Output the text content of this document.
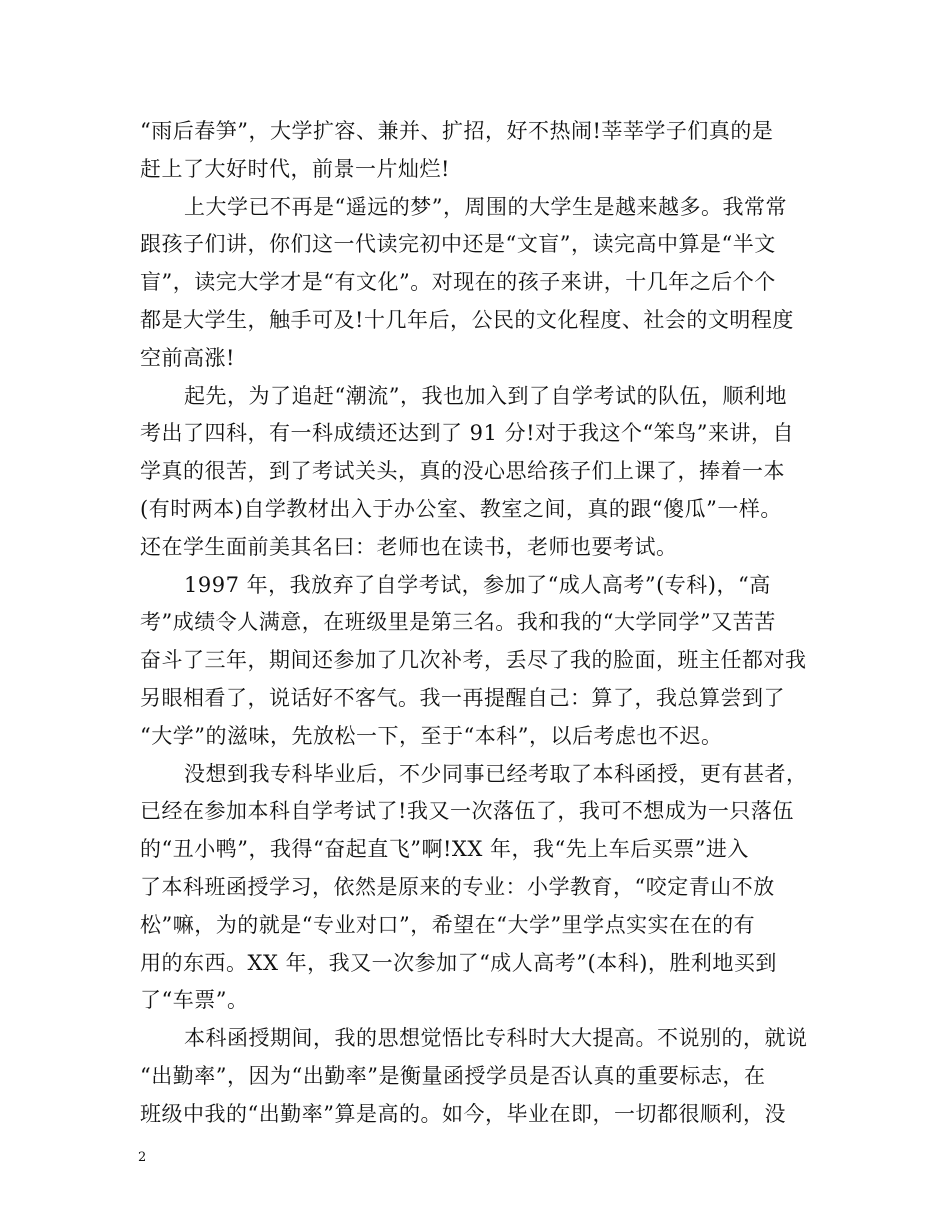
“雨后春笋”，大学扩容、兼并、扩招，好不热闹!莘莘学子们真的是
赶上了大好时代，前景一片灿烂!
上大学已不再是“遥远的梦”，周围的大学生是越来越多。我常常
跟孩子们讲，你们这一代读完初中还是“文盲”，读完高中算是“半文
盲”，读完大学才是“有文化”。对现在的孩子来讲，十几年之后个个
都是大学生，触手可及!十几年后，公民的文化程度、社会的文明程度
空前高涨!
起先，为了追赶“潮流”，我也加入到了自学考试的队伍，顺利地
考出了四科，有一科成绩还达到了 91 分!对于我这个“笨鸟”来讲，自
学真的很苦，到了考试关头，真的没心思给孩子们上课了，捧着一本
(有时两本)自学教材出入于办公室、教室之间，真的跟“傻瓜”一样。
还在学生面前美其名曰：老师也在读书，老师也要考试。
1997 年，我放弃了自学考试，参加了“成人高考”(专科)，“高
考”成绩令人满意，在班级里是第三名。我和我的“大学同学”又苦苦
奋斗了三年，期间还参加了几次补考，丢尽了我的脸面，班主任都对我
另眼相看了，说话好不客气。我一再提醒自己：算了，我总算尝到了
“大学”的滋味，先放松一下，至于“本科”，以后考虑也不迟。
没想到我专科毕业后，不少同事已经考取了本科函授，更有甚者，
已经在参加本科自学考试了!我又一次落伍了，我可不想成为一只落伍
的“丑小鸭”，我得“奋起直飞”啊!XX 年，我“先上车后买票”进入
了本科班函授学习，依然是原来的专业：小学教育，“咬定青山不放
松”嘛，为的就是“专业对口”，希望在“大学”里学点实实在在的有
用的东西。XX 年，我又一次参加了“成人高考”(本科)，胜利地买到
了“车票”。
本科函授期间，我的思想觉悟比专科时大大提高。不说别的，就说
“出勤率”，因为“出勤率”是衡量函授学员是否认真的重要标志，在
班级中我的“出勤率”算是高的。如今，毕业在即，一切都很顺利，没
2
